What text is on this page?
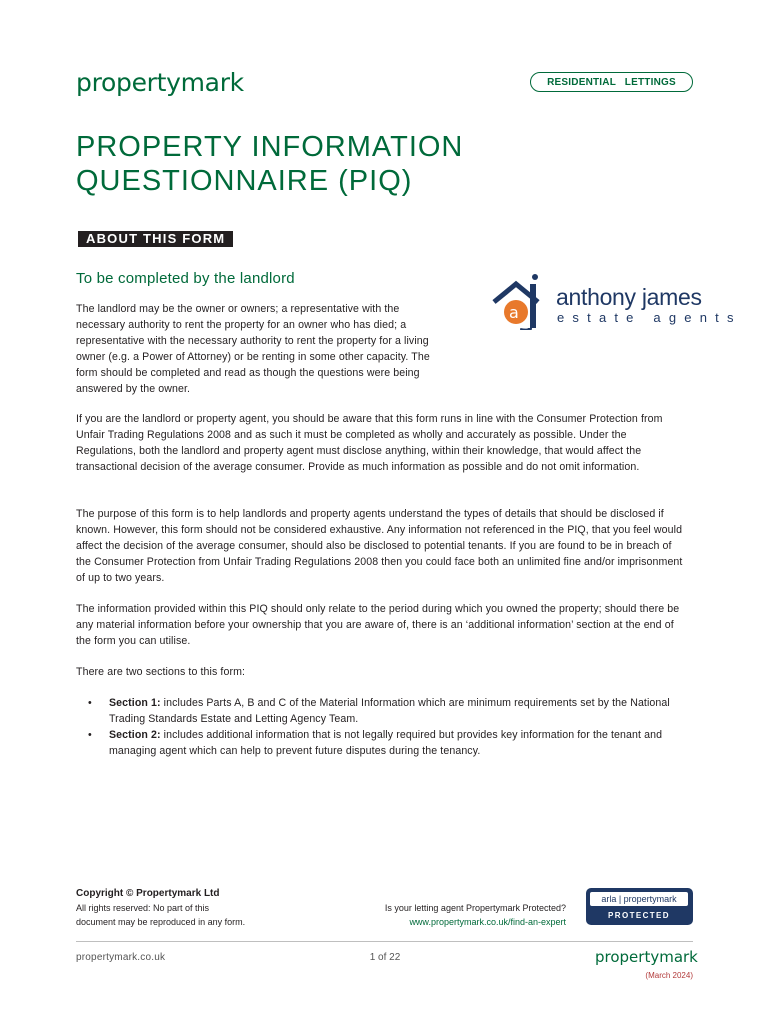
propertymark	RESIDENTIAL LETTINGS
PROPERTY INFORMATION
QUESTIONNAIRE (PIQ)
ABOUT THIS FORM
To be completed by the landlord

The landlord may be the owner or owners; a representative with the necessary authority to rent the property for an owner who has died; a representative with the necessary authority to rent the property for a living owner (e.g. a Power of Attorney) or be renting in some other capacity. The form should be completed and read as though the questions were being answered by the owner.

a
anthony james
estate agents

If you are the landlord or property agent, you should be aware that this form runs in line with the Consumer Protection from Unfair Trading Regulations 2008 and as such it must be completed as wholly and accurately as possible. Under the Regulations, both the landlord and property agent must disclose anything, within their knowledge, that would affect the transactional decision of the average consumer. Provide as much information as possible and do not omit information.

The purpose of this form is to help landlords and property agents understand the types of details that should be disclosed if known. However, this form should not be considered exhaustive. Any information not referenced in the PIQ, that you feel would affect the decision of the average consumer, should also be disclosed to potential tenants. If you are found to be in breach of the Consumer Protection from Unfair Trading Regulations 2008 then you could face both an unlimited fine and/or imprisonment of up to two years.

The information provided within this PIQ should only relate to the period during which you owned the property; should there be any material information before your ownership that you are aware of, there is an ‘additional information’ section at the end of the form you can utilise.

There are two sections to this form:

• Section 1: includes Parts A, B and C of the Material Information which are minimum requirements set by the National Trading Standards Estate and Letting Agency Team.
• Section 2: includes additional information that is not legally required but provides key information for the tenant and managing agent which can help to prevent future disputes during the tenancy.
Copyright © Propertymark Ltd
All rights reserved: No part of this
document may be reproduced in any form.
Is your letting agent Propertymark Protected?
www.propertymark.co.uk/find-an-expert
arla | propertymark
PROTECTED
propertymark.co.uk	1 of 22	propertymark
(March 2024)
